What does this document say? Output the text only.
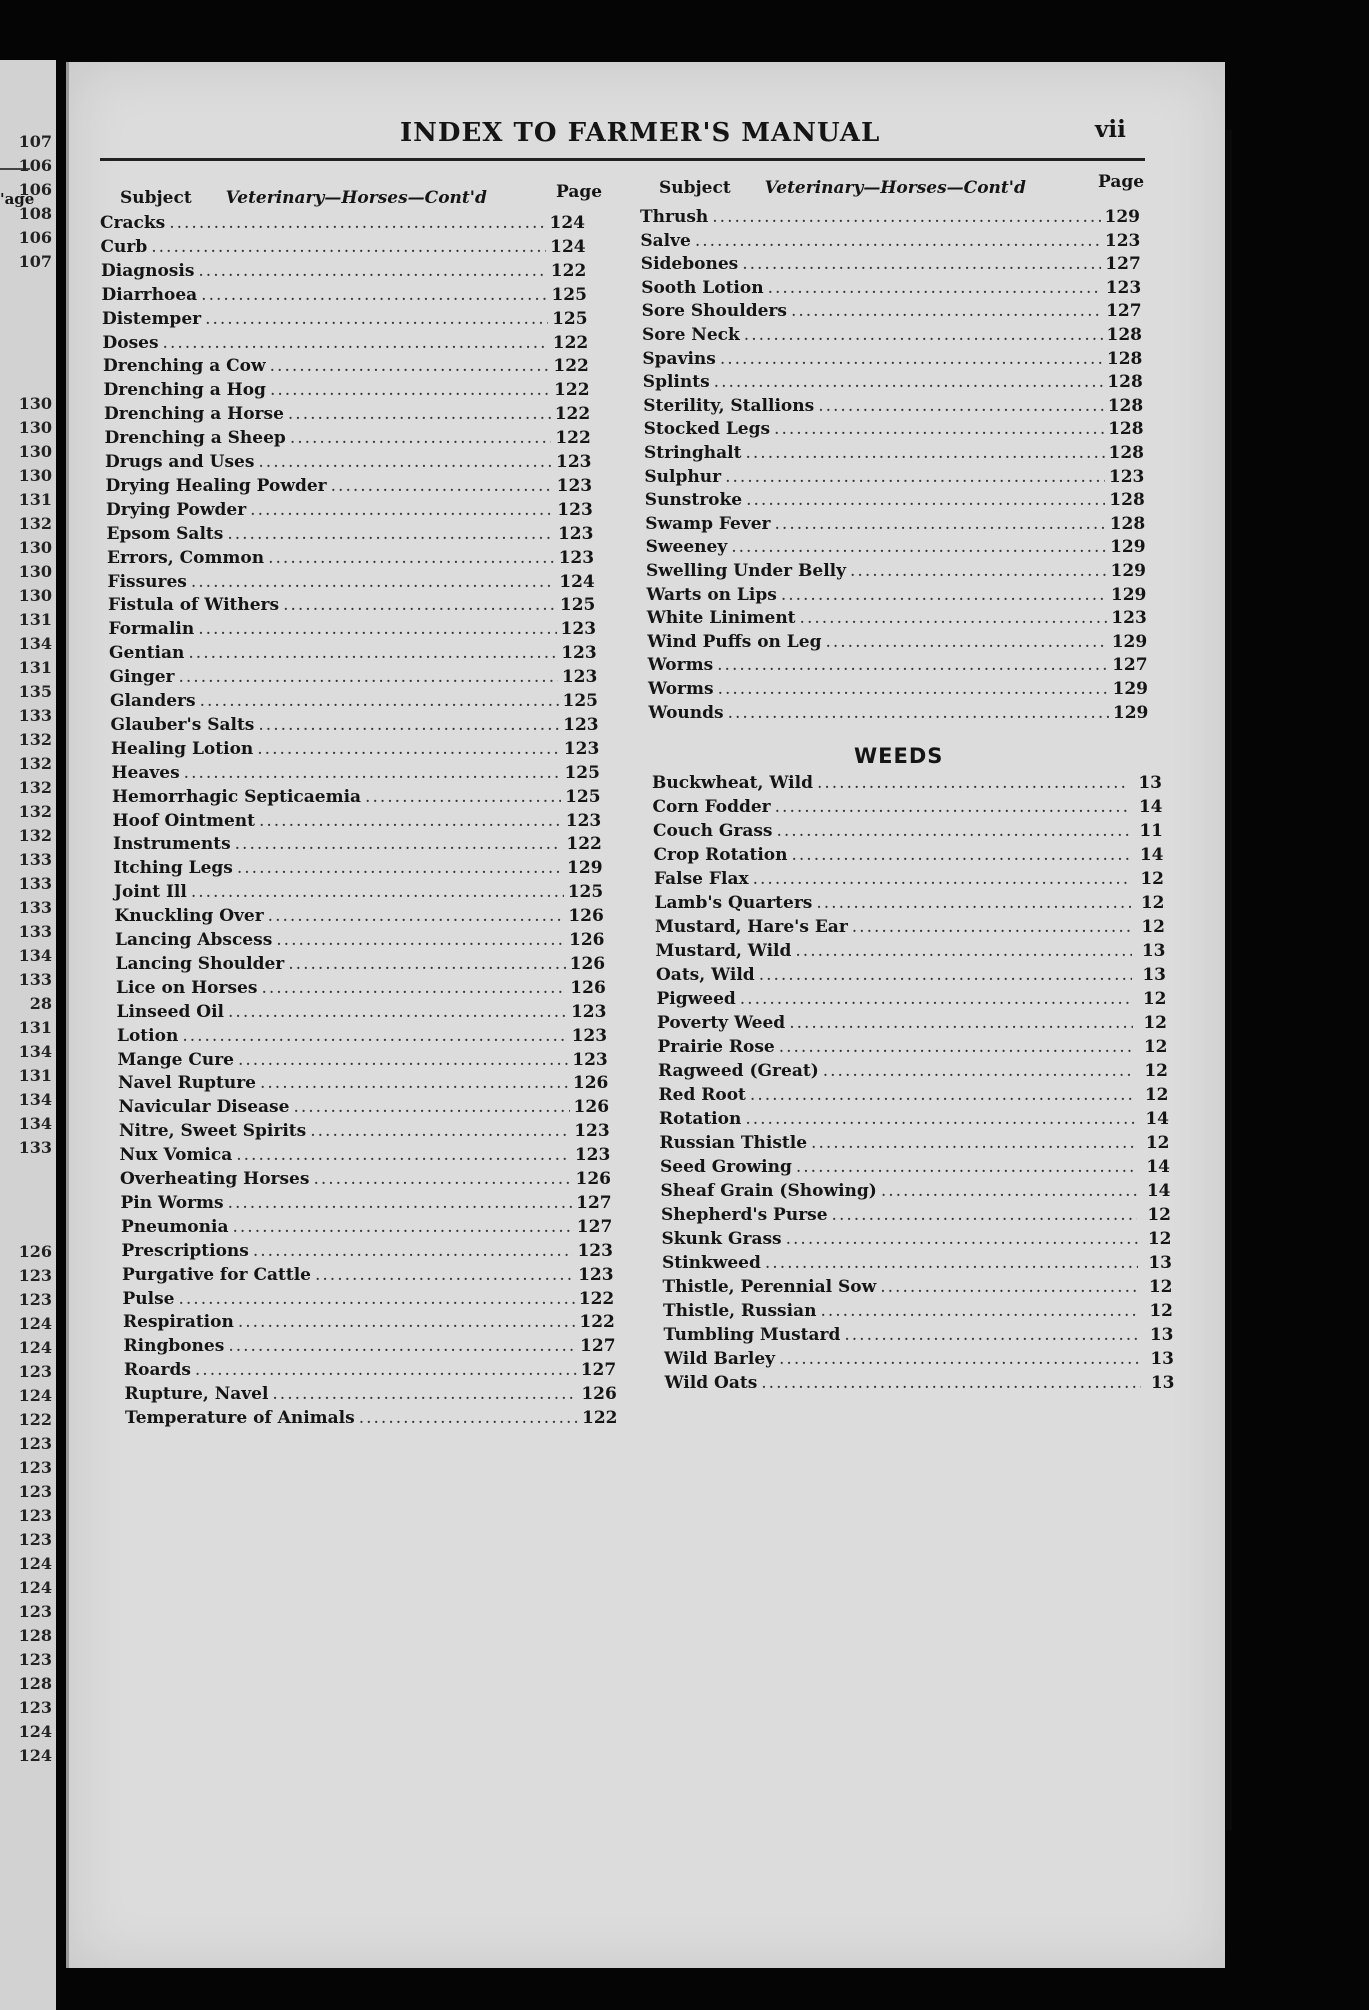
'age
107
106
106
108
106
107
130
130
130
130
131
132
130
130
130
131
134
131
135
133
132
132
132
132
132
133
133
133
133
134
133
28
131
134
131
134
134
133
126
123
123
124
124
123
124
122
123
123
123
123
123
124
124
123
128
123
128
123
124
124
INDEX TO FARMER'S MANUAL	vii
Subject Veterinary—Horses—Cont'd	Page	Subject Veterinary—Horses—Cont'd	Page
Cracks .....	124
Curb .....	124
Diagnosis .....	122
Diarrhoea .....	125
Distemper .....	125
Doses .....	122
Drenching a Cow .....	122
Drenching a Hog .....	122
Drenching a Horse .....	122
Drenching a Sheep .....	122
Drugs and Uses .....	123
Drying Healing Powder .....	123
Drying Powder .....	123
Epsom Salts .....	123
Errors, Common .....	123
Fissures .....	124
Fistula of Withers .....	125
Formalin .....	123
Gentian .....	123
Ginger .....	123
Glanders .....	125
Glauber's Salts .....	123
Healing Lotion .....	123
Heaves .....	125
Hemorrhagic Septicaemia .....	125
Hoof Ointment .....	123
Instruments .....	122
Itching Legs .....	129
Joint Ill .....	125
Knuckling Over .....	126
Lancing Abscess .....	126
Lancing Shoulder .....	126
Lice on Horses .....	126
Linseed Oil .....	123
Lotion .....	123
Mange Cure .....	123
Navel Rupture .....	126
Navicular Disease .....	126
Nitre, Sweet Spirits .....	123
Nux Vomica .....	123
Overheating Horses .....	126
Pin Worms .....	127
Pneumonia .....	127
Prescriptions .....	123
Purgative for Cattle .....	123
Pulse .....	122
Respiration .....	122
Ringbones .....	127
Roards .....	127
Rupture, Navel .....	126
Temperature of Animals .....	122
Thrush .....	129
Salve .....	123
Sidebones .....	127
Sooth Lotion .....	123
Sore Shoulders .....	127
Sore Neck .....	128
Spavins .....	128
Splints .....	128
Sterility, Stallions .....	128
Stocked Legs .....	128
Stringhalt .....	128
Sulphur .....	123
Sunstroke .....	128
Swamp Fever .....	128
Sweeney .....	129
Swelling Under Belly .....	129
Warts on Lips .....	129
White Liniment .....	123
Wind Puffs on Leg .....	129
Worms .....	127
Worms .....	129
Wounds .....	129
WEEDS
Buckwheat, Wild .....	13
Corn Fodder .....	14
Couch Grass .....	11
Crop Rotation .....	14
False Flax .....	12
Lamb's Quarters .....	12
Mustard, Hare's Ear .....	12
Mustard, Wild .....	13
Oats, Wild .....	13
Pigweed .....	12
Poverty Weed .....	12
Prairie Rose .....	12
Ragweed (Great) .....	12
Red Root .....	12
Rotation .....	14
Russian Thistle .....	12
Seed Growing .....	14
Sheaf Grain (Showing) .....	14
Shepherd's Purse .....	12
Skunk Grass .....	12
Stinkweed .....	13
Thistle, Perennial Sow .....	12
Thistle, Russian .....	12
Tumbling Mustard .....	13
Wild Barley .....	13
Wild Oats .....	13
